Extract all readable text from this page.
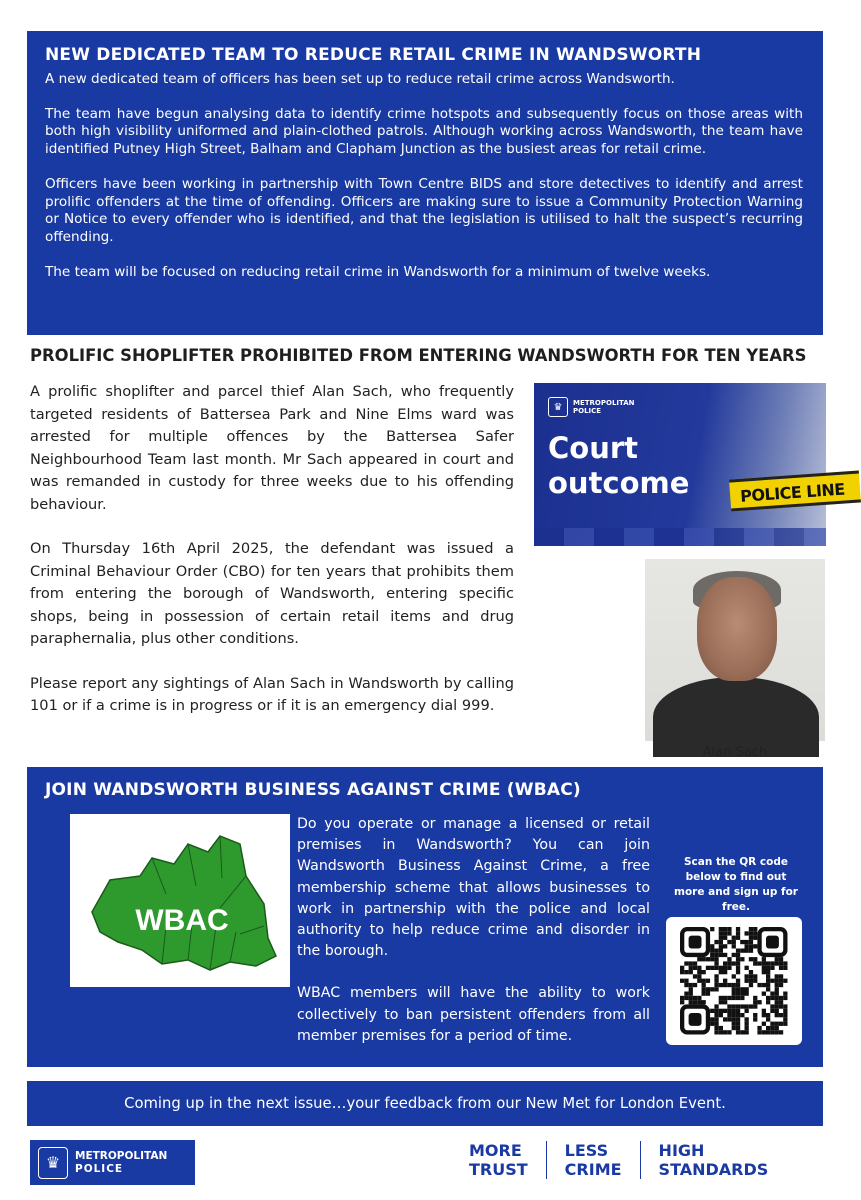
NEW DEDICATED TEAM TO REDUCE RETAIL CRIME IN WANDSWORTH

A new dedicated team of officers has been set up to reduce retail crime across Wandsworth.

The team have begun analysing data to identify crime hotspots and subsequently focus on those areas with both high visibility uniformed and plain-clothed patrols. Although working across Wandsworth, the team have identified Putney High Street, Balham and Clapham Junction as the busiest areas for retail crime.

Officers have been working in partnership with Town Centre BIDS and store detectives to identify and arrest prolific offenders at the time of offending. Officers are making sure to issue a Community Protection Warning or Notice to every offender who is identified, and that the legislation is utilised to halt the suspect’s recurring offending.

The team will be focused on reducing retail crime in Wandsworth for a minimum of twelve weeks.

PROLIFIC SHOPLIFTER PROHIBITED FROM ENTERING WANDSWORTH FOR TEN YEARS

A prolific shoplifter and parcel thief Alan Sach, who frequently targeted residents of Battersea Park and Nine Elms ward was arrested for multiple offences by the Battersea Safer Neighbourhood Team last month. Mr Sach appeared in court and was remanded in custody for three weeks due to his offending behaviour.

On Thursday 16th April 2025, the defendant was issued a Criminal Behaviour Order (CBO) for ten years that prohibits them from entering the borough of Wandsworth, entering specific shops, being in possession of certain retail items and drug paraphernalia, plus other conditions.

Please report any sightings of Alan Sach in Wandsworth by calling 101 or if a crime is in progress or if it is an emergency dial 999.

♛	METROPOLITAN
POLICE
Court
outcome	POLICE LINE
Alan Sach
JOIN WANDSWORTH BUSINESS AGAINST CRIME (WBAC)
WBAC

Do you operate or manage a licensed or retail premises in Wandsworth? You can join Wandsworth Business Against Crime, a free membership scheme that allows businesses to work in partnership with the police and local authority to help reduce crime and disorder in the borough.

WBAC members will have the ability to work collectively to ban persistent offenders from all member premises for a period of time.

Scan the QR code below to find out more and sign up for free.
Coming up in the next issue…your feedback from our New Met for London Event.
♛	METROPOLITAN
POLICE
MORE
TRUST
LESS
CRIME
HIGH
STANDARDS
